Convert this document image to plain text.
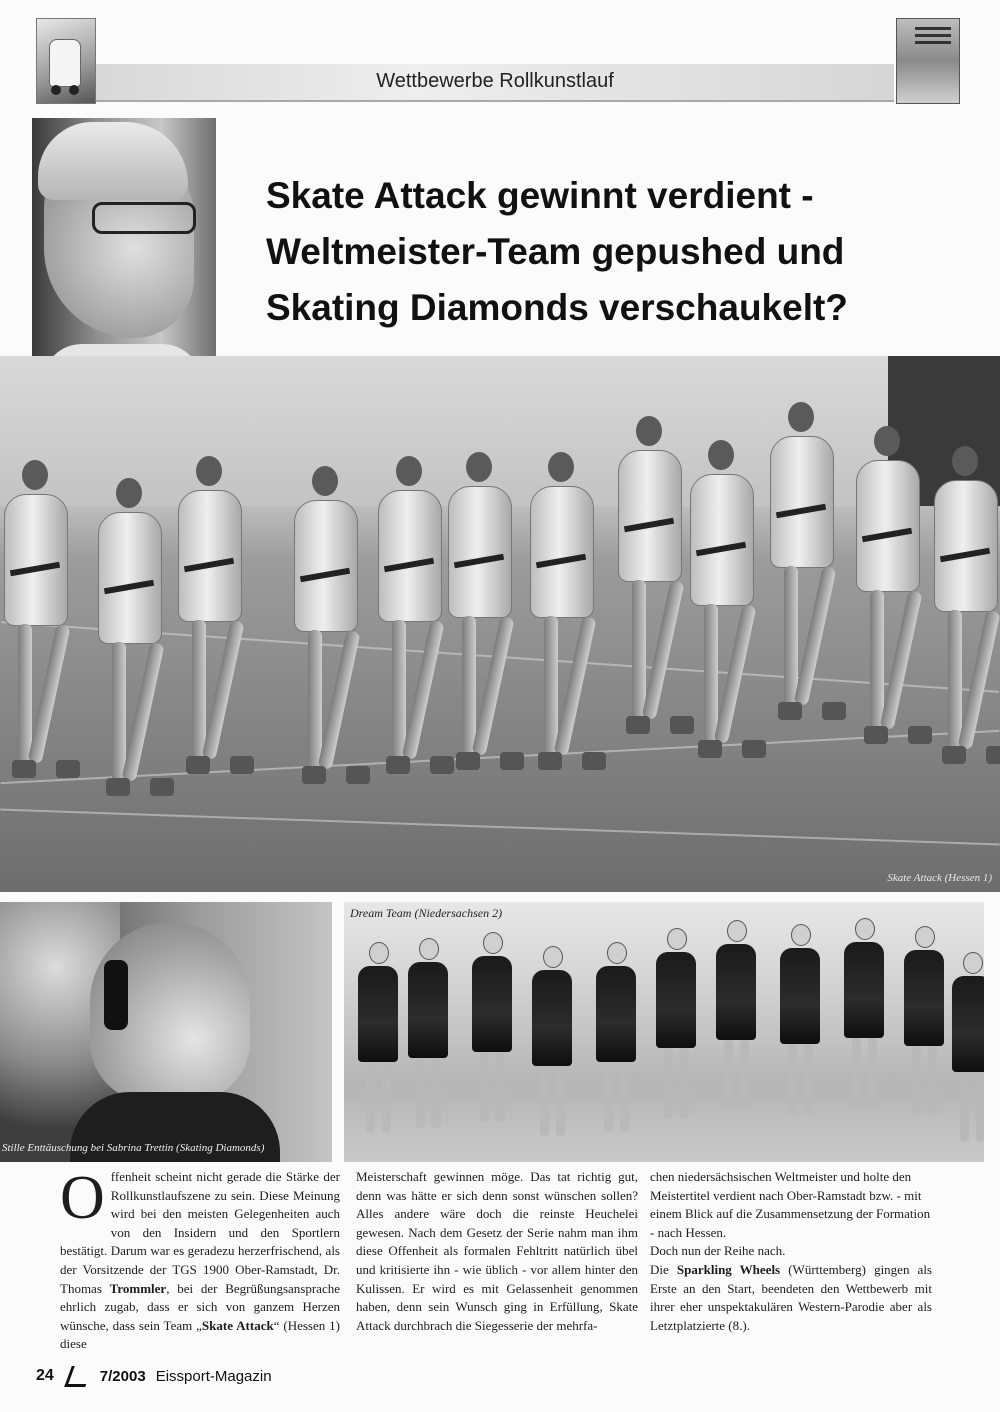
Wettbewerbe Rollkunstlauf
Skate Attack gewinnt verdient -
Weltmeister-Team gepushed und
Skating Diamonds verschaukelt?
Skate Attack (Hessen 1)
Stille Enttäuschung bei Sabrina Trettin (Skating Diamonds)
Dream Team (Niedersachsen 2)

Offenheit scheint nicht gerade die Stärke der Rollkunstlaufszene zu sein. Diese Meinung wird bei den meisten Gelegenheiten auch von den Insidern und den Sportlern bestätigt. Darum war es geradezu herzerfrischend, als der Vorsitzende der TGS 1900 Ober-Ramstadt, Dr. Thomas Trommler, bei der Begrüßungsansprache ehrlich zugab, dass er sich von ganzem Herzen wünsche, dass sein Team „Skate Attack“ (Hessen 1) diese

Meisterschaft gewinnen möge. Das tat richtig gut, denn was hätte er sich denn sonst wünschen sollen? Alles andere wäre doch die reinste Heuchelei gewesen. Nach dem Gesetz der Serie nahm man ihm diese Offenheit als formalen Fehltritt natürlich übel und kritisierte ihn - wie üblich - vor allem hinter den Kulissen. Er wird es mit Gelassenheit genommen haben, denn sein Wunsch ging in Erfüllung, Skate Attack durchbrach die Siegesserie der mehrfa-

chen niedersächsischen Weltmeister und holte den Meistertitel verdient nach Ober-Ramstadt bzw. - mit einem Blick auf die Zusammensetzung der Formation - nach Hessen.

Doch nun der Reihe nach.

Die Sparkling Wheels (Württemberg) gingen als Erste an den Start, beendeten den Wettbewerb mit ihrer eher unspektakulären Western-Parodie aber als Letztplatzierte (8.).

24	7/2003 Eissport-Magazin
